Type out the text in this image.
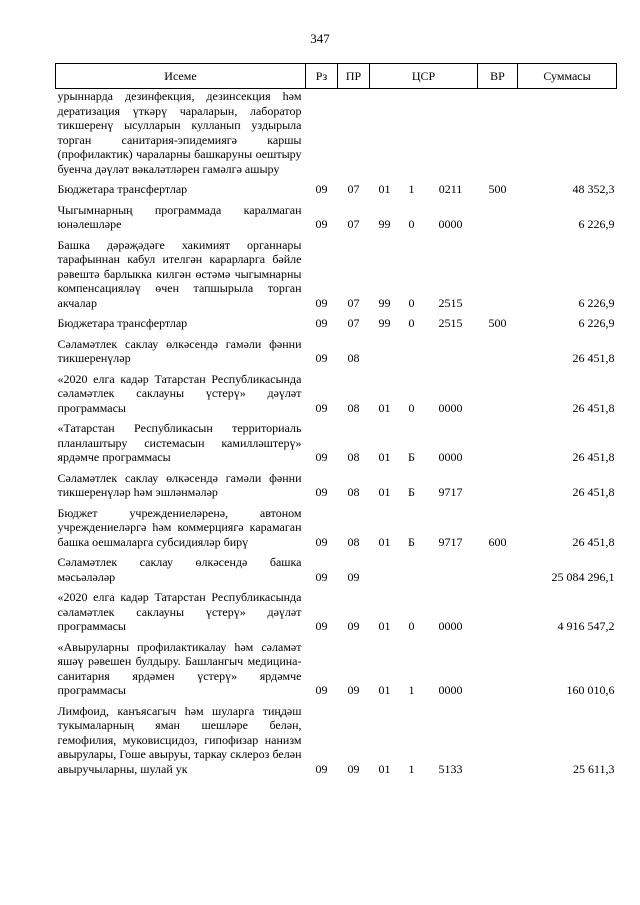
347
Исеме	Рз	ПР	ЦСР			ВР	Суммасы
урыннарда дезинфекция, дезинсекция һәм дератизация үткәрү чараларын, лаборатор тикшеренү ысулларын кулланып уздырыла торган санитария-эпидемиягә каршы (профилактик) чараларны башкаруны оештыру буенча дәүләт вәкаләтләрен гамәлгә ашыру							
Бюджетара трансфертлар	09	07	01	1	0211	500	48 352,3
Чыгымнарның программада каралмаган юнәлешләре	09	07	99	0	0000		6 226,9
Башка дәрәҗәдәге хакимият органнары тарафыннан кабул ителгән карарларга бәйле рәвештә барлыкка килгән өстәмә чыгымнарны компенсацияләү өчен тапшырыла торган акчалар	09	07	99	0	2515		6 226,9
Бюджетара трансфертлар	09	07	99	0	2515	500	6 226,9
Сәламәтлек саклау өлкәсендә гамәли фәнни тикшеренүләр	09	08					26 451,8
«2020 елга кадәр Татарстан Республикасында сәламәтлек саклауны үстерү» дәүләт программасы	09	08	01	0	0000		26 451,8
«Татарстан Республикасын территориаль планлаштыру системасын камилләштерү» ярдәмче программасы	09	08	01	Б	0000		26 451,8
Сәламәтлек саклау өлкәсендә гамәли фәнни тикшеренүләр һәм эшләнмәләр	09	08	01	Б	9717		26 451,8
Бюджет учреждениеләренә, автоном учреждениеләргә һәм коммерциягә карамаган башка оешмаларга субсидияләр бирү	09	08	01	Б	9717	600	26 451,8
Сәламәтлек саклау өлкәсендә башка мәсьәләләр	09	09					25 084 296,1
«2020 елга кадәр Татарстан Республикасында сәламәтлек саклауны үстерү» дәүләт программасы	09	09	01	0	0000		4 916 547,2
«Авыруларны профилактикалау һәм сәламәт яшәү рәвешен булдыру. Башлангыч медицина-санитария ярдәмен үстерү» ярдәмче программасы	09	09	01	1	0000		160 010,6
Лимфоид, канъясагыч һәм шуларга тиңдәш тукымаларның яман шешләре белән, гемофилия, муковисцидоз, гипофизар нанизм авырулары, Гоше авыруы, таркау склероз белән авыручыларны, шулай ук	09	09	01	1	5133		25 611,3
